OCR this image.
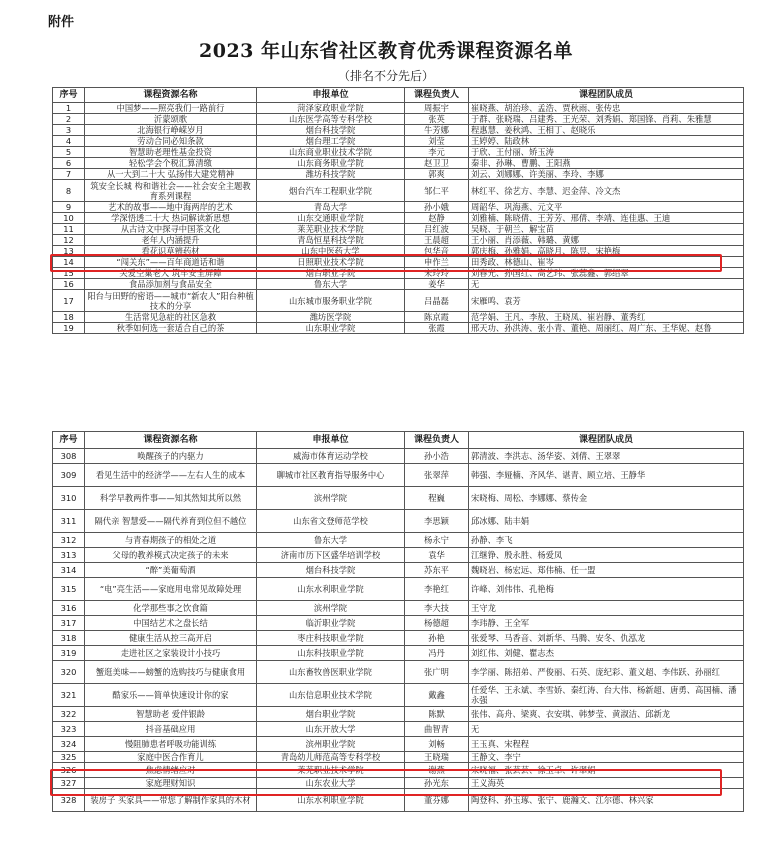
附件
2023 年山东省社区教育优秀课程资源名单
（排名不分先后）
序号	课程资源名称	申报单位	课程负责人	课程团队成员
1	中国梦——照亮我们一路前行	菏泽家政职业学院	周振宇	崔晓燕、胡治珍、孟浩、贾秋雨、张传忠
2	沂蒙颂歌	山东医学高等专科学校	张英	于群、张晓瑞、吕建秀、王光荣、刘秀娟、郑国锋、肖莉、朱雅慧
3	北海银行峥嵘岁月	烟台科技学院	牛芳娜	程惠慧、姜秋鸿、王相丁、赵晓乐
4	劳动合同必知条款	烟台理工学院	刘莹	王婷婷、陆政林
5	智慧助老理性基金投资	山东商业职业技术学院	李元	于欣、王付丽、矫玉涛
6	轻松学会个税汇算清缴	山东商务职业学院	赵卫卫	秦非、孙琳、曹鹏、王阳燕
7	从一大到二十大 弘扬伟大建党精神	潍坊科技学院	郭爽	刘云、刘娜娜、许美丽、李玲、李娜
8	筑安全长城 构和谐社会——社会安全主题教育系列课程	烟台汽车工程职业学院	邹仁平	林红平、徐艺方、李慧、迟金萍、冷文杰
9	艺术的故事——地中海两岸的艺术	青岛大学	孙小娥	周韶华、巩海燕、元文平
10	学深悟透二十大 热词解读新思想	山东交通职业学院	赵静	刘雅楠、陈晓倩、王芳芳、邢倩、李靖、连佳惠、王迪
11	从古诗文中探寻中国茶文化	莱芜职业技术学院	吕红波	吴晓、于朝兰、解宝苗
12	老年人内涵提升	青岛恒星科技学院	王晨超	王小丽、肖添薇、韩璐、黄娜
13	看花识草辨药材	山东中医药大学	包华音	郭庆梅、孙雅娟、高晓月、陈昱、宋艳梅
14	“闯关东”——百年商道话和谐	日照职业技术学院	申作兰	田秀政、林德山、崔岑
15	关爱空巢老人 筑牢安全屏障	烟台职业学院	宋玲玲	刘春光、孙国红、高艺玮、张蕊鑫、郭绍翠
16	食品添加剂与食品安全	鲁东大学	姜华	无
17	阳台与田野的密语——城市“新农人”阳台种植技术的分享	山东城市服务职业学院	吕晶磊	宋雁鸣、袁芳
18	生活常见急症的社区急救	潍坊医学院	陈京霞	范学娟、王凡、李敖、王晓凤、崔岩静、董秀红
19	秋季如何选一套适合自己的茶	山东职业学院	张霞	邢天功、孙洪涛、张小青、董艳、周丽红、周广东、王华妮、赵鲁
序号	课程资源名称	申报单位	课程负责人	课程团队成员
308	唤醒孩子的内驱力	威海市体育运动学校	孙小浩	郭清波、李洪志、汤华姿、刘倩、王翠翠
309	看见生活中的经济学——左右人生的成本	聊城市社区教育指导服务中心	张翠萍	韩强、李娅楠、齐风华、谌青、顾立培、王静华
310	科学早教两件事——知其然知其所以然	滨州学院	程巍	宋晓梅、周松、李娜娜、蔡传金
311	隔代亲 智慧爱——隔代养育到位但不越位	山东省文登师范学校	李思颖	邱冰娜、陆丰娟
312	与青春期孩子的相处之道	鲁东大学	杨永宁	孙静、李飞
313	父母的教养模式决定孩子的未来	济南市历下区盛华培训学校	袁华	江继铮、殷永胜、杨爱凤
314	“醉”美葡萄酒	烟台科技学院	苏东平	魏晓岩、杨宏远、郑伟楠、任一盟
315	“电”亮生活——家庭用电常见故障处理	山东水利职业学院	李艳红	许峰、刘伟伟、孔艳梅
316	化学那些事之饮食篇	滨州学院	李大技	王守龙
317	中国结艺术之盘长结	临沂职业学院	杨德超	李玮静、王全军
318	健康生活从控三高开启	枣庄科技职业学院	孙艳	张爱琴、马香音、刘新华、马腾、安冬、仇泓龙
319	走进社区之家装设计小技巧	山东科技职业学院	冯丹	刘红伟、刘健、瞿志杰
320	蟹逛美味——螃蟹的选购技巧与健康食用	山东畜牧兽医职业学院	张广明	李学丽、陈招弟、严俊丽、石英、庞纪彩、董义超、李伟跃、孙丽红
321	酷家乐——简单快速设计你的家	山东信息职业技术学院	戴鑫	任爱华、王永斌、李雪娇、秦红涛、台大伟、杨新超、唐勇、高国楠、潘永强
322	智慧助老 爱伴银龄	烟台职业学院	陈默	张伟、高舟、梁爽、衣安琪、韩梦莹、黄淑洁、邱新龙
323	抖音基础应用	山东开放大学	曲智青	无
324	慢阻肺患者呼吸功能训练	滨州职业学院	刘畅	王玉真、宋程程
325	家庭中医合作育儿	青岛幼儿师范高等专科学校	王晓瑞	王静文、李宁
326	焦虑情绪应对	莱芜职业技术学院	谢燕	宋晓福、张芸芸、徐玉卓、许翠娟
327	家庭理财知识	山东农业大学	孙光东	王义海英
328	装房子 买家具——带您了解制作家具的木材	山东水利职业学院	董芬娜	陶登科、孙玉琢、张宁、鹿瀚文、江尔德、林兴家
